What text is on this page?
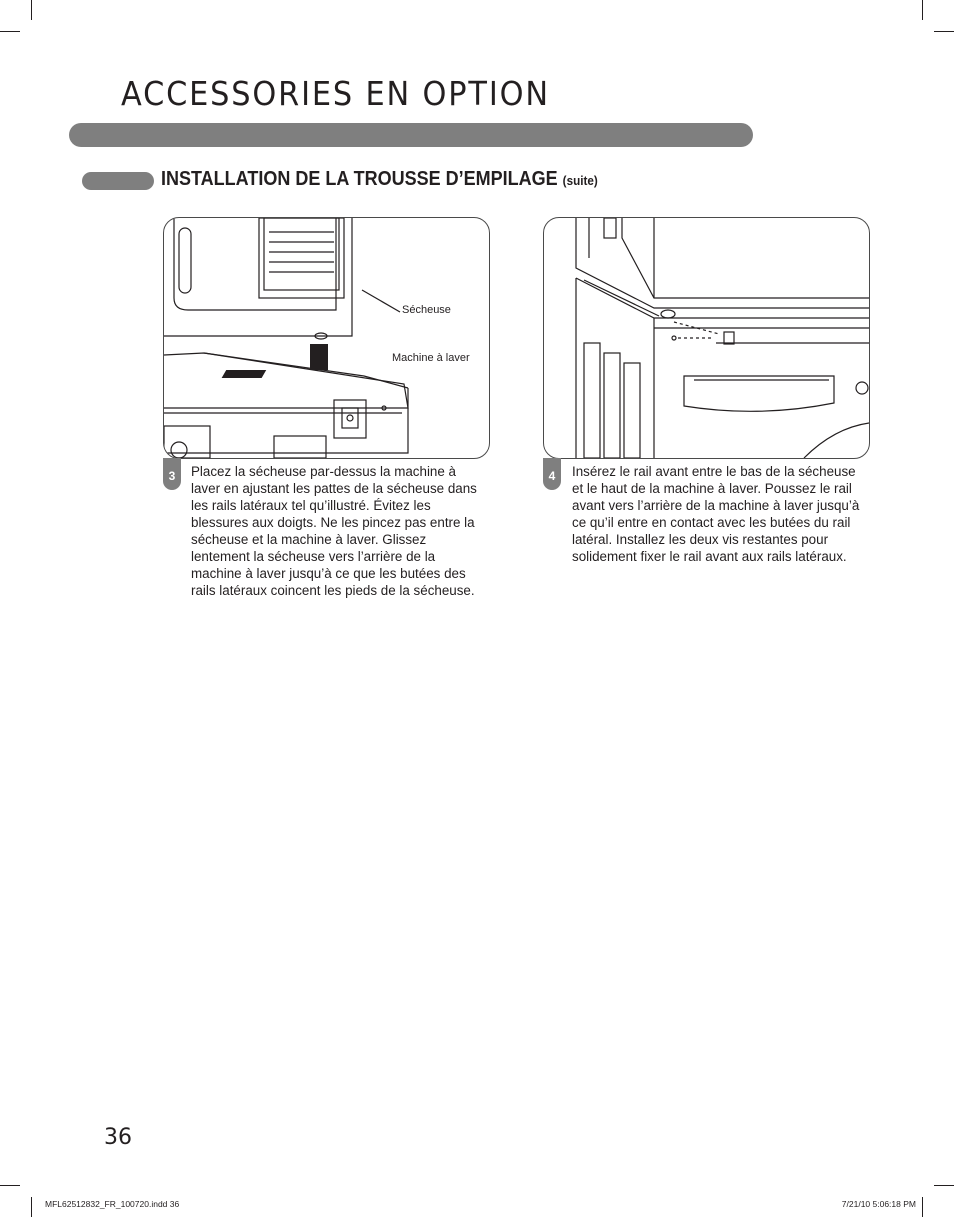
ACCESSORIES EN OPTION
INSTALLATION DE LA TROUSSE D’EMPILAGE (suite)
Sécheuse
Machine à laver
3	Placez la sécheuse par-dessus la machine à laver en ajustant les pattes de la sécheuse dans les rails latéraux tel qu’illustré. Évitez les blessures aux doigts. Ne les pincez pas entre la sécheuse et la machine à laver. Glissez lentement la sécheuse vers l’arrière de la machine à laver jusqu’à ce que les butées des rails latéraux coincent les pieds de la sécheuse.

4	Insérez le rail avant entre le bas de la sécheuse et le haut de la machine à laver. Poussez le rail avant vers l’arrière de la machine à laver jusqu’à ce qu’il entre en contact avec les butées du rail latéral. Installez les deux vis restantes pour solidement fixer le rail avant aux rails latéraux.

36
MFL62512832_FR_100720.indd 36	7/21/10 5:06:18 PM
